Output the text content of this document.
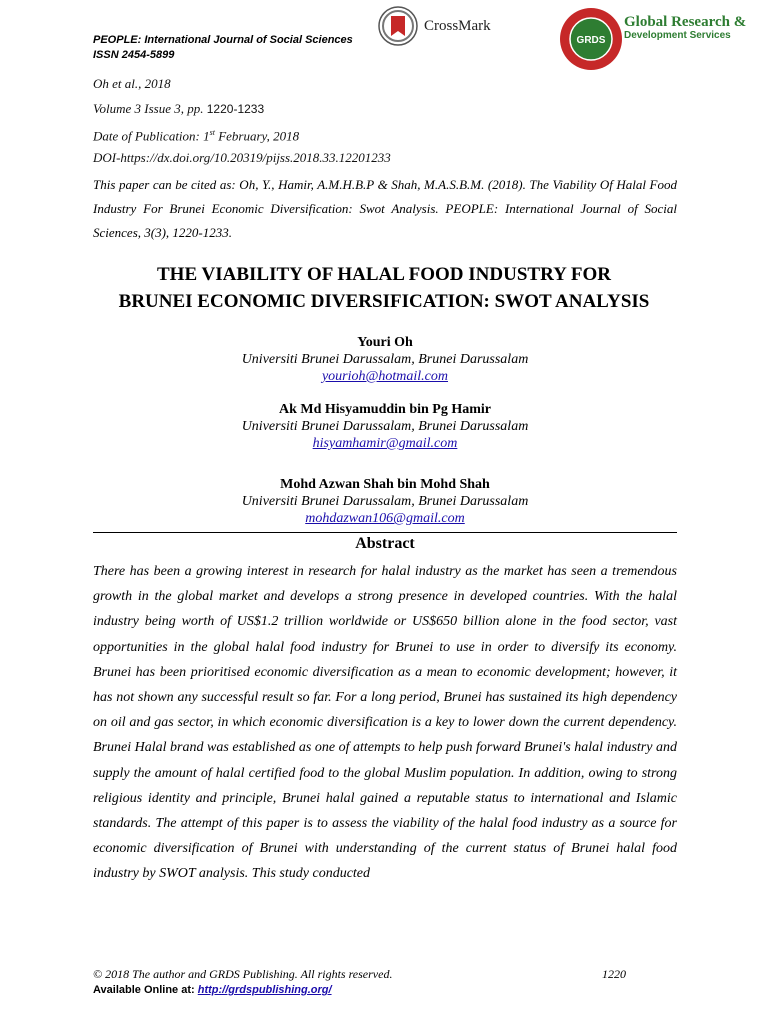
PEOPLE: International Journal of Social Sciences
ISSN 2454-5899
CrossMark
GRDS
Global Research &
Development Services
Oh et al., 2018
Volume 3 Issue 3, pp. 1220-1233
Date of Publication: 1st February, 2018
DOI-https://dx.doi.org/10.20319/pijss.2018.33.12201233
This paper can be cited as: Oh, Y., Hamir, A.M.H.B.P & Shah, M.A.S.B.M. (2018). The Viability Of Halal Food Industry For Brunei Economic Diversification: Swot Analysis. PEOPLE: International Journal of Social Sciences, 3(3), 1220-1233.
THE VIABILITY OF HALAL FOOD INDUSTRY FOR
BRUNEI ECONOMIC DIVERSIFICATION: SWOT ANALYSIS
Youri Oh
Universiti Brunei Darussalam, Brunei Darussalam
yourioh@hotmail.com
Ak Md Hisyamuddin bin Pg Hamir
Universiti Brunei Darussalam, Brunei Darussalam
hisyamhamir@gmail.com
Mohd Azwan Shah bin Mohd Shah
Universiti Brunei Darussalam, Brunei Darussalam
mohdazwan106@gmail.com
Abstract
There has been a growing interest in research for halal industry as the market has seen a tremendous growth in the global market and develops a strong presence in developed countries. With the halal industry being worth of US$1.2 trillion worldwide or US$650 billion alone in the food sector, vast opportunities in the global halal food industry for Brunei to use in order to diversify its economy. Brunei has been prioritised economic diversification as a mean to economic development; however, it has not shown any successful result so far. For a long period, Brunei has sustained its high dependency on oil and gas sector, in which economic diversification is a key to lower down the current dependency. Brunei Halal brand was established as one of attempts to help push forward Brunei's halal industry and supply the amount of halal certified food to the global Muslim population. In addition, owing to strong religious identity and principle, Brunei halal gained a reputable status to international and Islamic standards. The attempt of this paper is to assess the viability of the halal food industry as a source for economic diversification of Brunei with understanding of the current status of Brunei halal food industry by SWOT analysis. This study conducted
© 2018 The author and GRDS Publishing. All rights reserved.	1220
Available Online at: http://grdspublishing.org/
